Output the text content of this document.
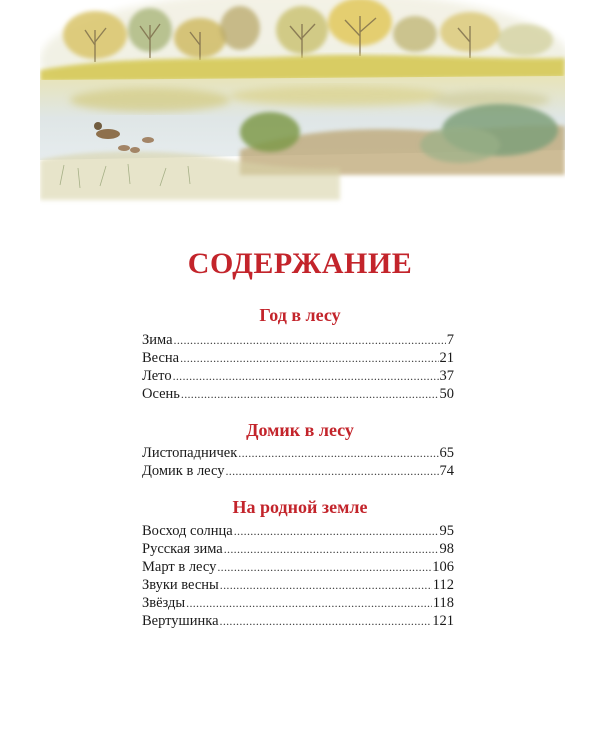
СОДЕРЖАНИЕ
Год в лесу
Зима .....	7
Весна .....	21
Лето .....	37
Осень .....	50
Домик в лесу
Листопадничек .....	65
Домик в лесу .....	74
На родной земле
Восход солнца .....	95
Русская зима .....	98
Март в лесу .....	106
Звуки весны .....	112
Звёзды .....	118
Вертушинка .....	121
